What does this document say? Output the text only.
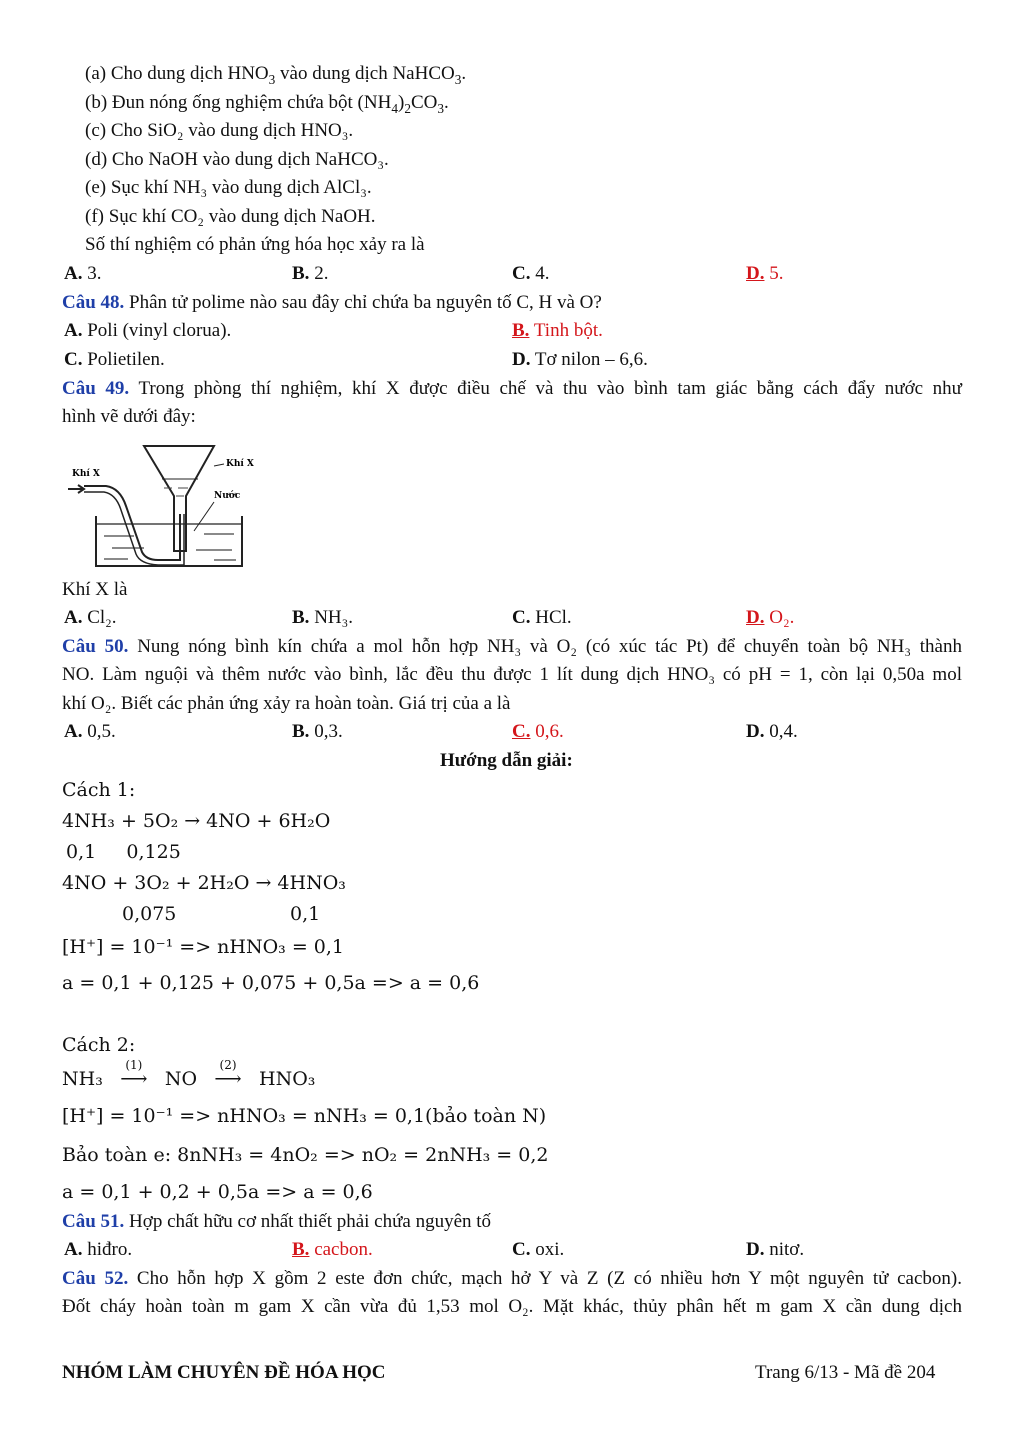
(a) Cho dung dịch $HNO_3$ vào dung dịch NaHCO$_3$.
(b) Đun nóng ống nghiệm chứa bột $(NH_4)_2CO_3$.
(c) Cho SiO₂ vào dung dịch HNO₃.
(d) Cho NaOH vào dung dịch NaHCO₃.
(e) Sục khí NH₃ vào dung dịch AlCl₃.
(f) Sục khí CO₂ vào dung dịch NaOH.
Số thí nghiệm có phản ứng hóa học xảy ra là
A. 3.	B. 2.	C. 4.	D. 5.
Câu 48. Phân tử polime nào sau đây chỉ chứa ba nguyên tố C, H và O?
A. Poli (vinyl clorua).	B. Tinh bột.
C. Polietilen.	D. Tơ nilon – 6,6.
Câu 49. Trong phòng thí nghiệm, khí X được điều chế và thu vào bình tam giác bằng cách đẩy nước như
hình vẽ dưới đây:
Khí X
Khí X
Nước
Khí X là
A. Cl₂.	B. NH₃.	C. HCl.	D. O₂.
Câu 50. Nung nóng bình kín chứa a mol hỗn hợp NH₃ và O₂ (có xúc tác Pt) để chuyển toàn bộ NH₃ thành
NO. Làm nguội và thêm nước vào bình, lắc đều thu được 1 lít dung dịch HNO₃ có pH = 1, còn lại 0,50a mol
khí O₂. Biết các phản ứng xảy ra hoàn toàn. Giá trị của a là
A. 0,5.	B. 0,3.	C. 0,6.	D. 0,4.
Hướng dẫn giải:
Cách 1:
4NH₃ + 5O₂ → 4NO + 6H₂O
0,1     0,125
4NO + 3O₂ + 2H₂O → 4HNO₃
0,075	0,1
[H⁺] = 10⁻¹ => nHNO₃ = 0,1
a = 0,1 + 0,125 + 0,075 + 0,5a => a = 0,6
Cách 2:
NH₃
(1)
⟶ NO
(2)
⟶ HNO₃
[H⁺] = 10⁻¹ => nHNO₃ = nNH₃ = 0,1(bảo toàn N)
Bảo toàn e: 8nNH₃ = 4nO₂ => nO₂ = 2nNH₃ = 0,2
a = 0,1 + 0,2 + 0,5a => a = 0,6
Câu 51. Hợp chất hữu cơ nhất thiết phải chứa nguyên tố
A. hiđro.	B. cacbon.	C. oxi.	D. nitơ.
Câu 52. Cho hỗn hợp X gồm 2 este đơn chức, mạch hở Y và Z (Z có nhiều hơn Y một nguyên tử cacbon).
Đốt cháy hoàn toàn m gam X cần vừa đủ 1,53 mol O₂. Mặt khác, thủy phân hết m gam X cần dung dịch
NHÓM LÀM CHUYÊN ĐỀ HÓA HỌC	Trang 6/13 - Mã đề 204
